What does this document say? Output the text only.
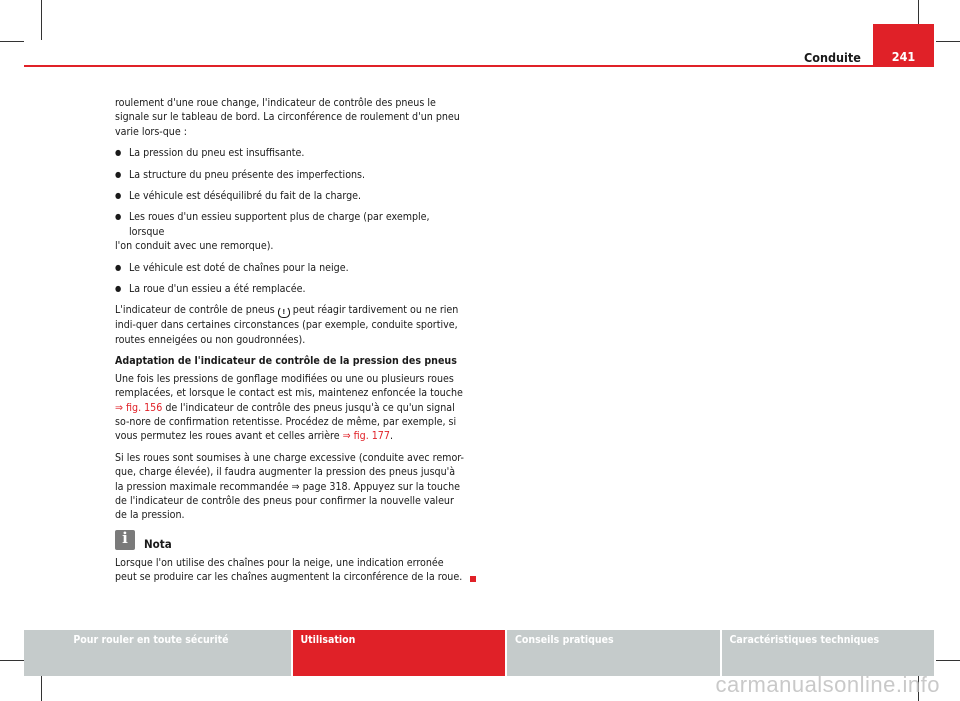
Conduite	241

roulement d'une roue change, l'indicateur de contrôle des pneus le signale sur le tableau de bord. La circonférence de roulement d'un pneu varie lors-que :

● La pression du pneu est insuffisante.

● La structure du pneu présente des imperfections.

● Le véhicule est déséquilibré du fait de la charge.

● Les roues d'un essieu supportent plus de charge (par exemple, lorsque
l'on conduit avec une remorque).

● Le véhicule est doté de chaînes pour la neige.

● La roue d'un essieu a été remplacée.

L'indicateur de contrôle de pneus ! peut réagir tardivement ou ne rien indi-quer dans certaines circonstances (par exemple, conduite sportive, routes enneigées ou non goudronnées).

Adaptation de l'indicateur de contrôle de la pression des pneus

Une fois les pressions de gonflage modifiées ou une ou plusieurs roues remplacées, et lorsque le contact est mis, maintenez enfoncée la touche ⇒ fig. 156 de l'indicateur de contrôle des pneus jusqu'à ce qu'un signal so-nore de confirmation retentisse. Procédez de même, par exemple, si vous permutez les roues avant et celles arrière ⇒ fig. 177.

Si les roues sont soumises à une charge excessive (conduite avec remor-que, charge élevée), il faudra augmenter la pression des pneus jusqu'à la pression maximale recommandée ⇒ page 318. Appuyez sur la touche de l'indicateur de contrôle des pneus pour confirmer la nouvelle valeur de la pression.

i	Nota
Lorsque l'on utilise des chaînes pour la neige, une indication erronée peut se produire car les chaînes augmentent la circonférence de la roue.
Pour rouler en toute sécurité	Utilisation	Conseils pratiques	Caractéristiques techniques
carmanualsonline.info
